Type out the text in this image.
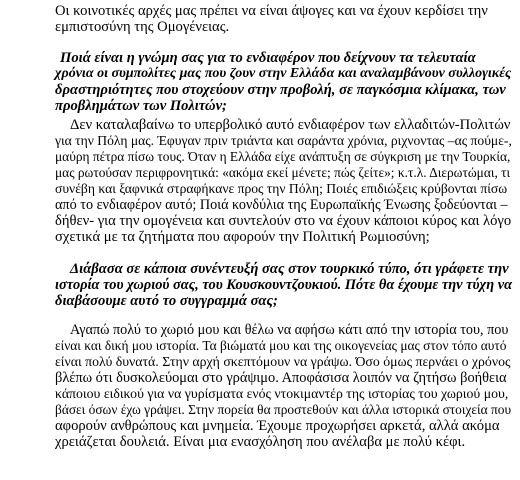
Οι κοινοτικές αρχές μας πρέπει να είναι άψογες και να έχουν κερδίσει την
εμπιστοσύνη της Ομογένειας.
Ποιά είναι η γνώμη σας για το ενδιαφέρον που δείχνουν τα τελευταία
χρόνια οι συμπολίτες μας που ζουν στην Ελλάδα και αναλαμβάνουν συλλογικές
δραστηριότητες που στοχεύουν στην προβολή, σε παγκόσμια κλίμακα, των
προβλημάτων των Πολιτών;
Δεν καταλαβαίνω το υπερβολικό αυτό ενδιαφέρον των ελλαδιτών-Πολιτών
για την Πόλη μας. Έφυγαν πριν τριάντα και σαράντα χρόνια, ριχνοντας –ας πούμε-,
μαύρη πέτρα πίσω τους. Όταν η Ελλάδα είχε ανάπτυξη σε σύγκριση με την Τουρκία,
μας ρωτούσαν περιφρονητικά: «ακόμα εκεί μένετε; πώς ζείτε»; κ.τ.λ. Διερωτώμαι, τι
συνέβη και ξαφνικά στραφήκανε προς την Πόλη; Ποιές επιδιώξεις κρύβονται πίσω
από το ενδιαφέρον αυτό; Ποιά κονδύλια της Ευρωπαϊκής Ένωσης ξοδεύονται –
δήθεν- για την ομογένεια και συντελούν στο να έχουν κάποιοι κύρος και λόγο
σχετικά με τα ζητήματα που αφορούν την Πολιτική Ρωμιοσύνη;
Διάβασα σε κάποια συνέντευξή σας στον τουρκικό τύπο, ότι γράφετε την
ιστορία του χωριού σας, του Κουσκουντζουκιού. Πότε θα έχουμε την τύχη να
διαβάσουμε αυτό το συγγραμμά σας;
Αγαπώ πολύ το χωριό μου και θέλω να αφήσω κάτι από την ιστορία του, που
είναι και δική μου ιστορία. Τα βιώματά μου και της οικογενείας μας στον τόπο αυτό
είναι πολύ δυνατά. Στην αρχή σκεπτόμουν να γράψω. Όσο όμως περνάει ο χρόνος
βλέπω ότι δυσκολεύομαι στο γράψιμο. Αποφάσισα λοιπόν να ζητήσω βοήθεια
κάποιου ειδικού για να γυρίσματα ενός ντοκιμαντέρ της ιστορίας του χωριού μου,
βάσει όσων έχω γράψει. Στην πορεία θα προστεθούν και άλλα ιστορικά στοιχεία που
αφορούν ανθρώπους και μνημεία. Έχουμε προχωρήσει αρκετά, αλλά ακόμα
χρειάζεται δουλειά. Είναι μια ενασχόληση που ανέλαβα με πολύ κέφι.
